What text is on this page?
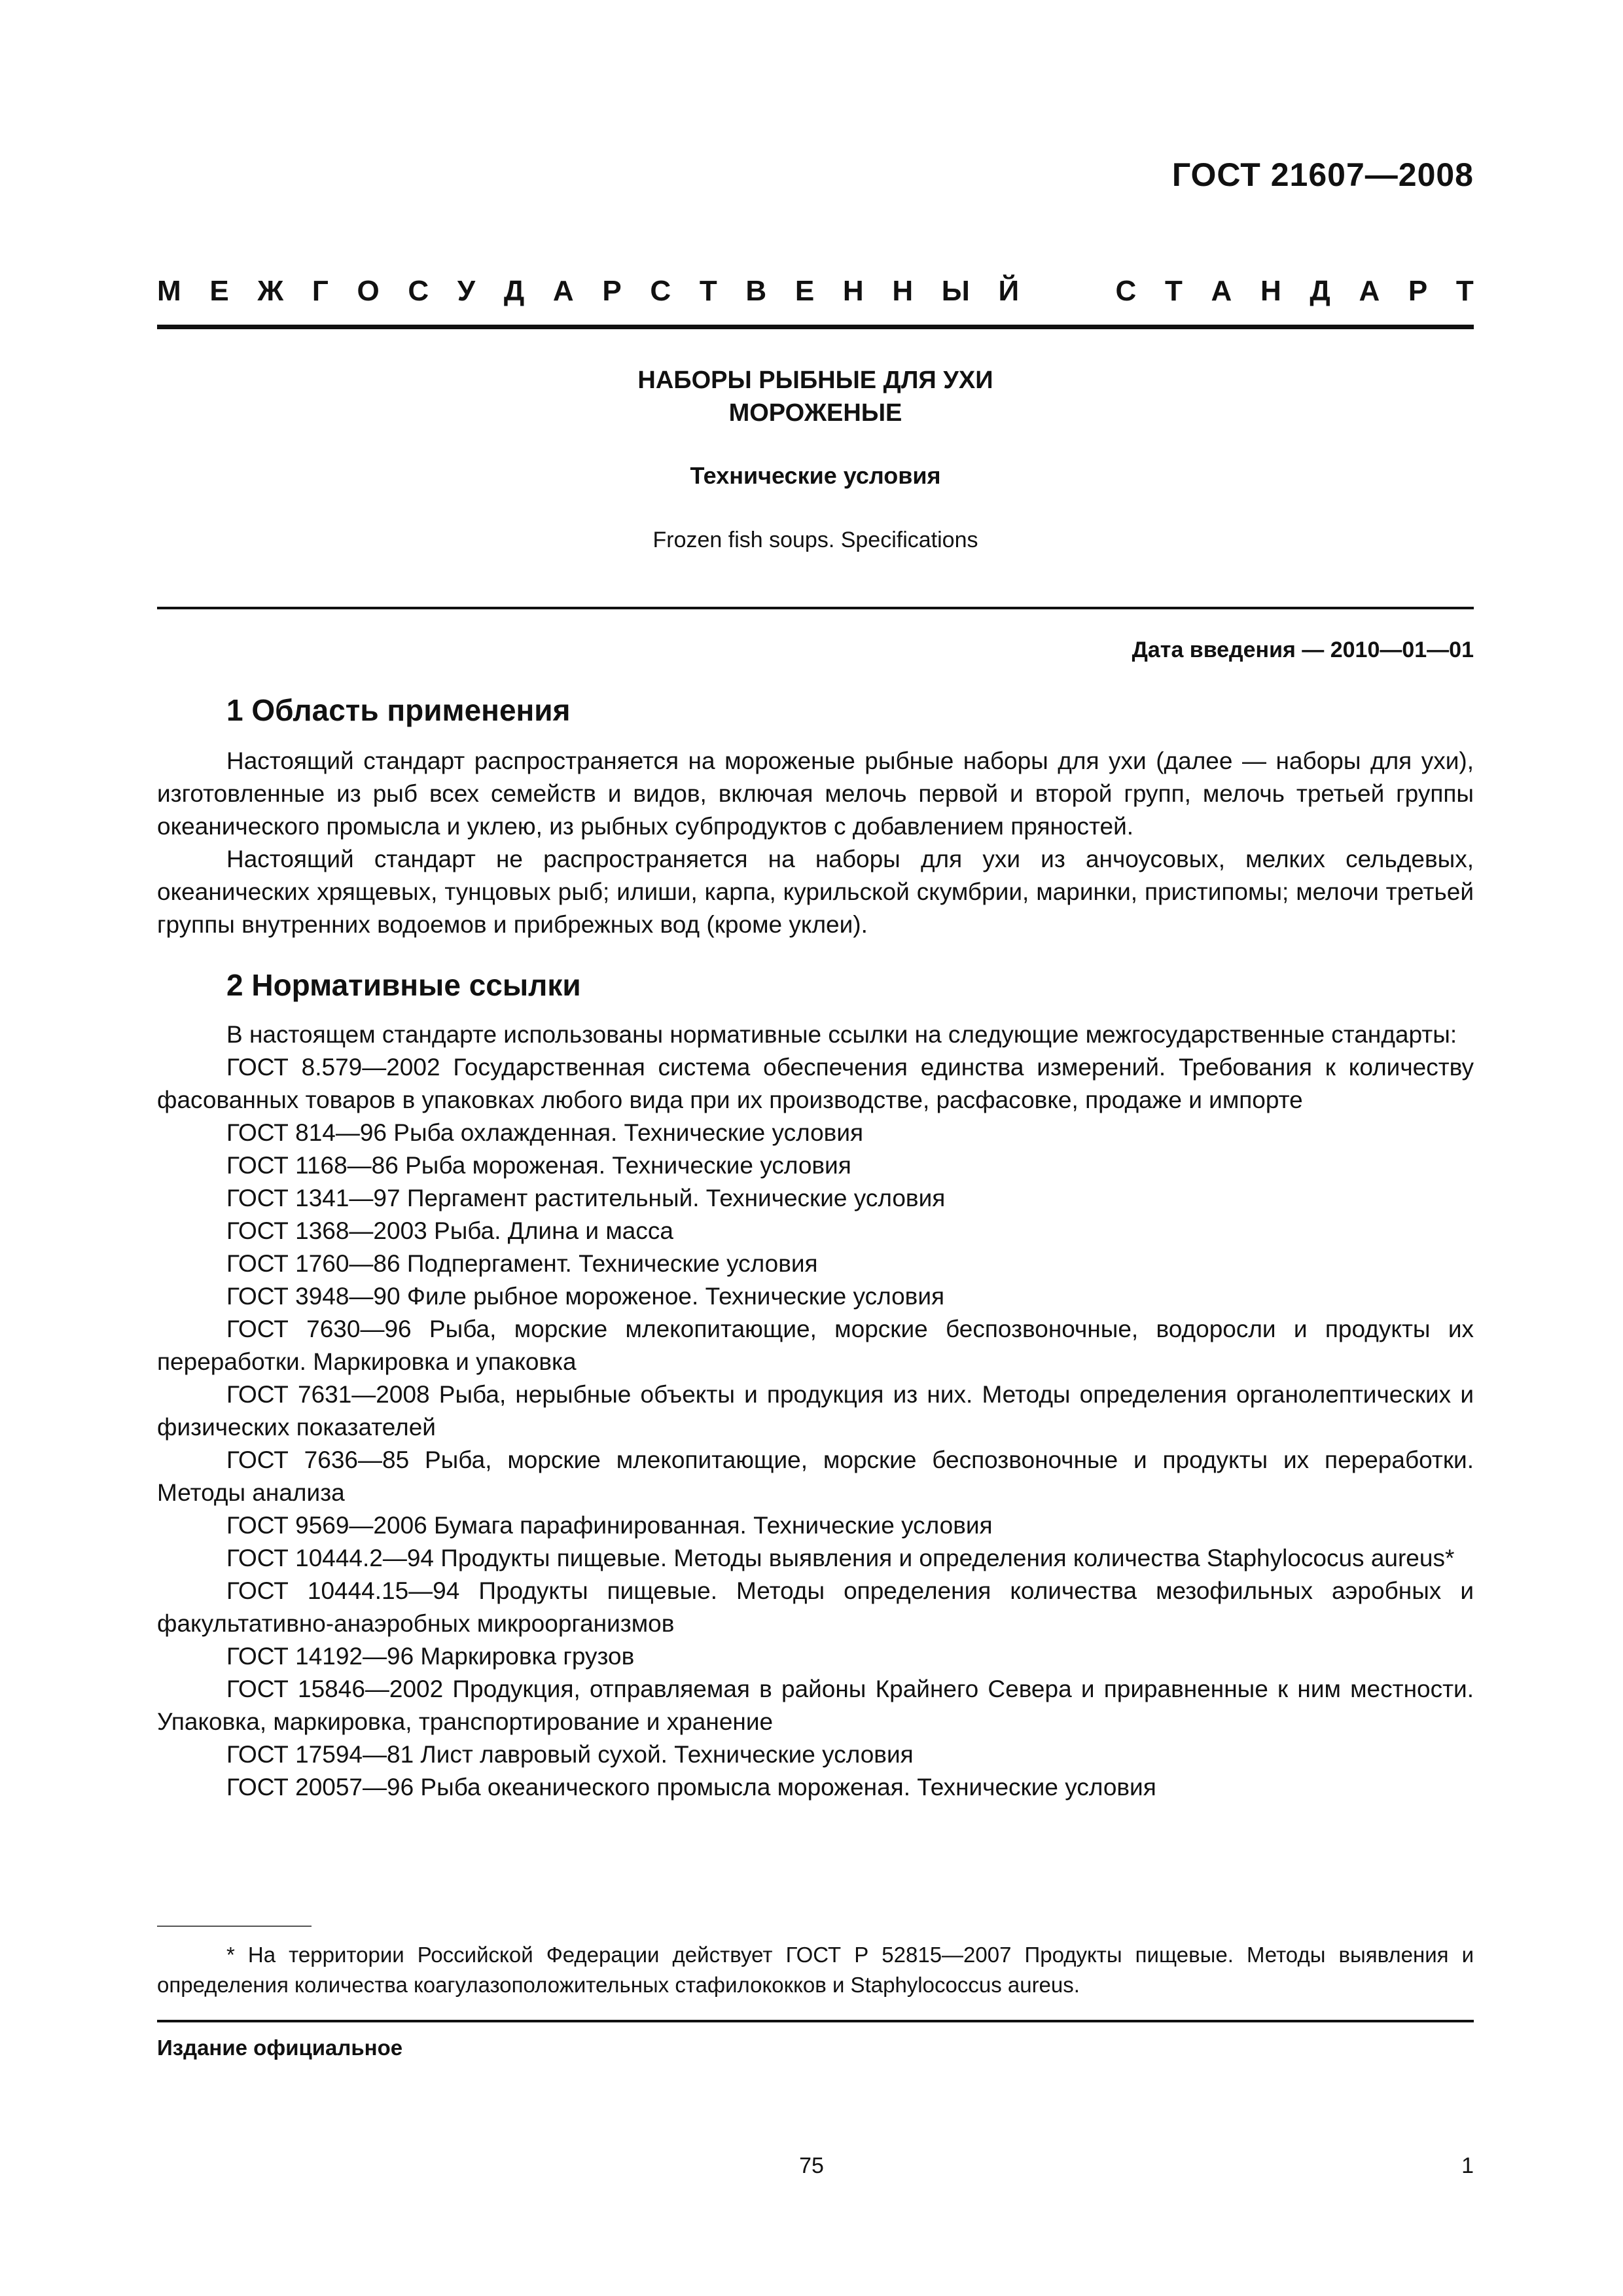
ГОСТ 21607—2008
М Е Ж Г О С У Д А Р С Т В Е Н Н Ы Й	С Т А Н Д А Р Т
НАБОРЫ РЫБНЫЕ ДЛЯ УХИ
МОРОЖЕНЫЕ
Технические условия
Frozen fish soups. Specifications
Дата введения — 2010—01—01
1 Область применения

Настоящий стандарт распространяется на мороженые рыбные наборы для ухи (далее — наборы для ухи), изготовленные из рыб всех семейств и видов, включая мелочь первой и второй групп, мелочь третьей группы океанического промысла и уклею, из рыбных субпродуктов с добавлением пряностей.

Настоящий стандарт не распространяется на наборы для ухи из анчоусовых, мелких сельдевых, океанических хрящевых, тунцовых рыб; илиши, карпа, курильской скумбрии, маринки, пристипомы; мелочи третьей группы внутренних водоемов и прибрежных вод (кроме уклеи).

2 Нормативные ссылки

В настоящем стандарте использованы нормативные ссылки на следующие межгосударственные стандарты:

ГОСТ 8.579—2002 Государственная система обеспечения единства измерений. Требования к количеству фасованных товаров в упаковках любого вида при их производстве, расфасовке, продаже и импорте

ГОСТ 814—96 Рыба охлажденная. Технические условия

ГОСТ 1168—86 Рыба мороженая. Технические условия

ГОСТ 1341—97 Пергамент растительный. Технические условия

ГОСТ 1368—2003 Рыба. Длина и масса

ГОСТ 1760—86 Подпергамент. Технические условия

ГОСТ 3948—90 Филе рыбное мороженое. Технические условия

ГОСТ 7630—96 Рыба, морские млекопитающие, морские беспозвоночные, водоросли и продукты их переработки. Маркировка и упаковка

ГОСТ 7631—2008 Рыба, нерыбные объекты и продукция из них. Методы определения органолептических и физических показателей

ГОСТ 7636—85 Рыба, морские млекопитающие, морские беспозвоночные и продукты их переработки. Методы анализа

ГОСТ 9569—2006 Бумага парафинированная. Технические условия

ГОСТ 10444.2—94 Продукты пищевые. Методы выявления и определения количества Staphylococus aureus*

ГОСТ 10444.15—94 Продукты пищевые. Методы определения количества мезофильных аэробных и факультативно-анаэробных микроорганизмов

ГОСТ 14192—96 Маркировка грузов

ГОСТ 15846—2002 Продукция, отправляемая в районы Крайнего Севера и приравненные к ним местности. Упаковка, маркировка, транспортирование и хранение

ГОСТ 17594—81 Лист лавровый сухой. Технические условия

ГОСТ 20057—96 Рыба океанического промысла мороженая. Технические условия

* На территории Российской Федерации действует ГОСТ Р 52815—2007 Продукты пищевые. Методы выявления и определения количества коагулазоположительных стафилококков и Staphylococcus aureus.
Издание официальное
75	1
